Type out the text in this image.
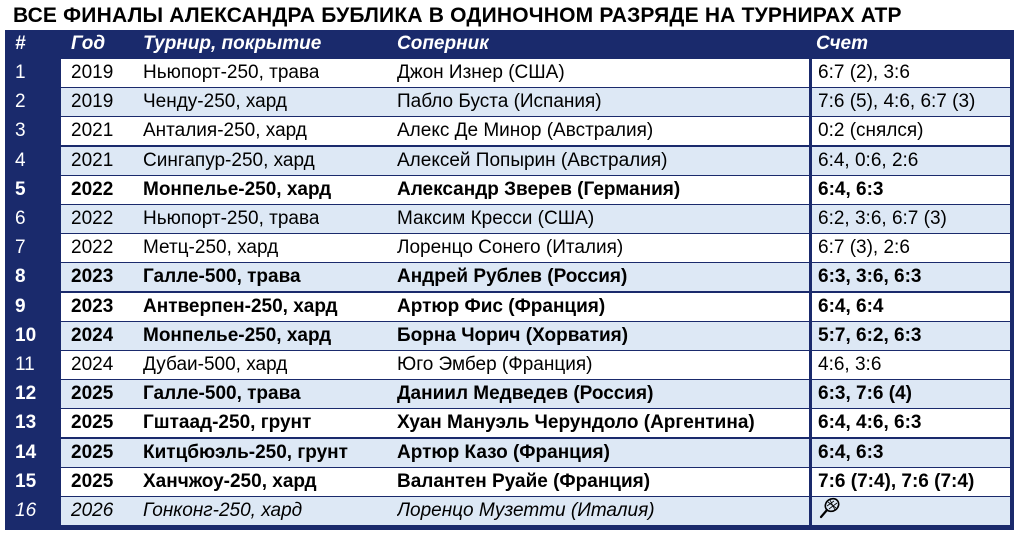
ВСЕ ФИНАЛЫ АЛЕКСАНДРА БУБЛИКА В ОДИНОЧНОМ РАЗРЯДЕ НА ТУРНИРАХ ATP
#	Год Турнир, покрытие	Соперник	Счет
1	2019 Ньюпорт-250, трава	Джон Изнер (США)	6:7 (2), 3:6
2	2019 Ченду-250, хард	Пабло Буста (Испания)	7:6 (5), 4:6, 6:7 (3)
3	2021 Анталия-250, хард	Алекс Де Минор (Австралия)	0:2 (снялся)
4	2021 Сингапур-250, хард	Алексей Попырин (Австралия)	6:4, 0:6, 2:6
5	2022 Монпелье-250, хард	Александр Зверев (Германия)	6:4, 6:3
6	2022 Ньюпорт-250, трава	Максим Кресси (США)	6:2, 3:6, 6:7 (3)
7	2022 Метц-250, хард	Лоренцо Сонего (Италия)	6:7 (3), 2:6
8	2023 Галле-500, трава	Андрей Рублев (Россия)	6:3, 3:6, 6:3
9	2023 Антверпен-250, хард	Артюр Фис (Франция)	6:4, 6:4
10	2024 Монпелье-250, хард	Борна Чорич (Хорватия)	5:7, 6:2, 6:3
11	2024 Дубаи-500, хард	Юго Эмбер (Франция)	4:6, 3:6
12	2025 Галле-500, трава	Даниил Медведев (Россия)	6:3, 7:6 (4)
13	2025 Гштаад-250, грунт	Хуан Мануэль Черундоло (Аргентина)	6:4, 4:6, 6:3
14	2025 Китцбюэль-250, грунт	Артюр Казо (Франция)	6:4, 6:3
15	2025 Ханчжоу-250, хард	Валантен Руайе (Франция)	7:6 (7:4), 7:6 (7:4)
16	2026 Гонконг-250, хард	Лоренцо Музетти (Италия)
